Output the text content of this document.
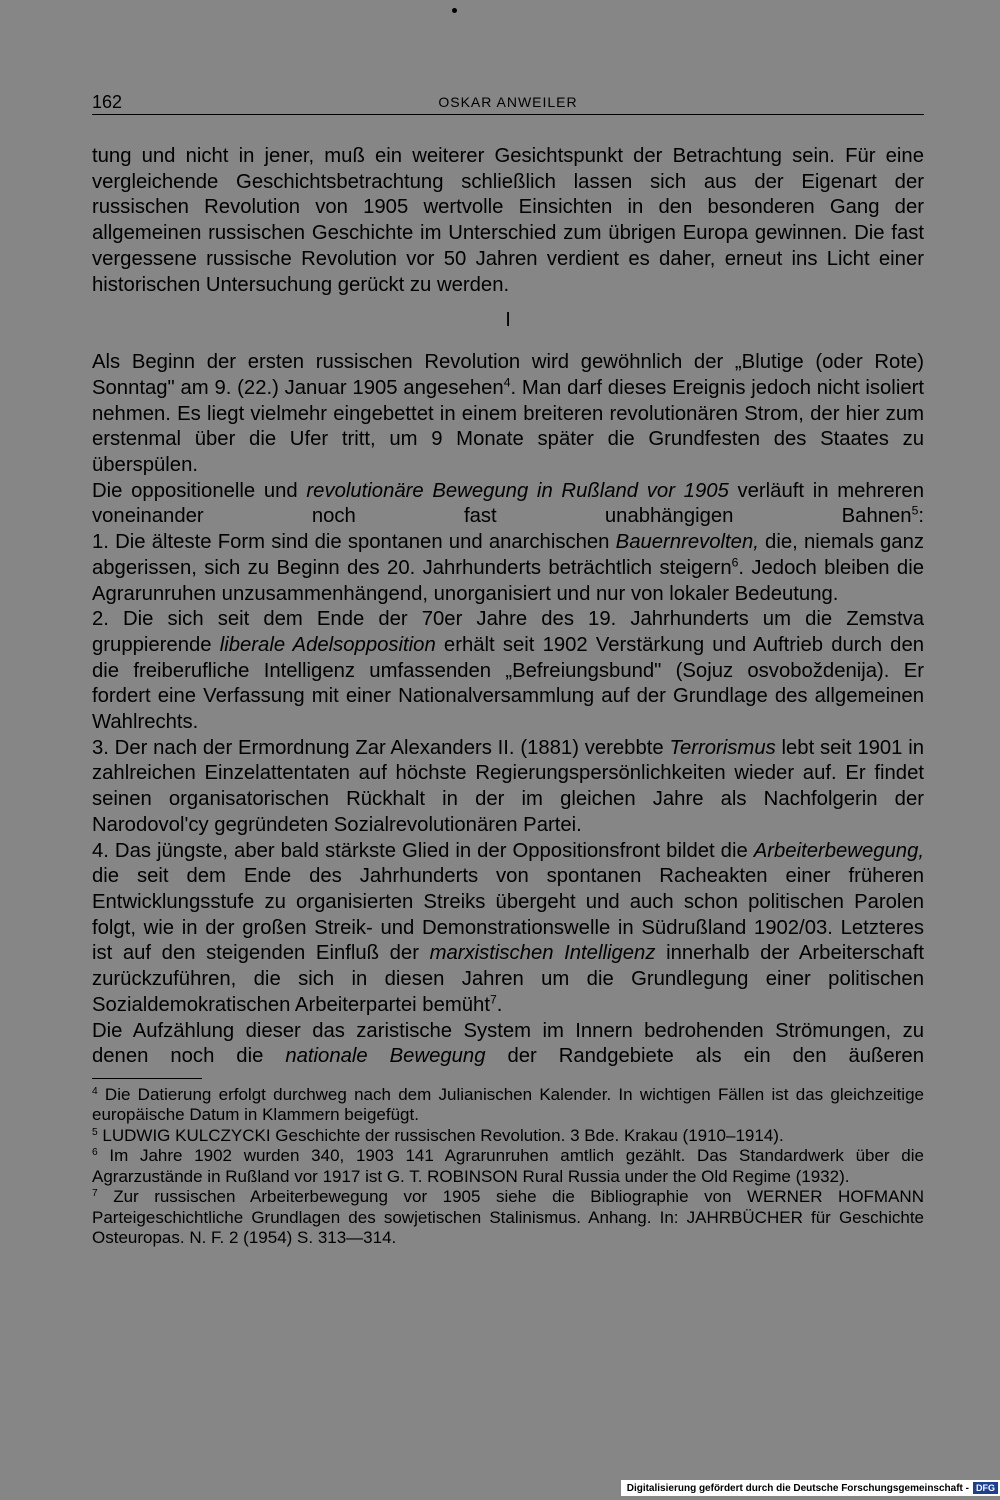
162	OSKAR ANWEILER

tung und nicht in jener, muß ein weiterer Gesichtspunkt der Betrachtung sein. Für eine vergleichende Geschichtsbetrachtung schließlich lassen sich aus der Eigenart der russischen Revolution von 1905 wertvolle Einsichten in den besonderen Gang der allgemeinen russischen Geschichte im Unterschied zum übrigen Europa gewinnen. Die fast vergessene russische Revolution vor 50 Jahren verdient es daher, erneut ins Licht einer historischen Untersuchung gerückt zu werden.

I

Als Beginn der ersten russischen Revolution wird gewöhnlich der „Blutige (oder Rote) Sonntag" am 9. (22.) Januar 1905 angesehen$^4$. Man darf dieses Ereignis jedoch nicht isoliert nehmen. Es liegt vielmehr eingebettet in einem breiteren revolutionären Strom, der hier zum erstenmal über die Ufer tritt, um 9 Monate später die Grundfesten des Staates zu überspülen.

Die oppositionelle und revolutionäre Bewegung in Rußland vor 1905 verläuft in mehreren voneinander noch fast unabhängigen Bahnen$^5$:

1. Die älteste Form sind die spontanen und anarchischen Bauernrevolten, die, niemals ganz abgerissen, sich zu Beginn des 20. Jahrhunderts beträchtlich steigern$^6$. Jedoch bleiben die Agrarunruhen unzusammenhängend, unorganisiert und nur von lokaler Bedeutung.

2. Die sich seit dem Ende der 70er Jahre des 19. Jahrhunderts um die Zemstva gruppierende liberale Adelsopposition erhält seit 1902 Verstärkung und Auftrieb durch den die freiberufliche Intelligenz umfassenden „Befreiungsbund" (Sojuz osvoboždenija). Er fordert eine Verfassung mit einer Nationalversammlung auf der Grundlage des allgemeinen Wahlrechts.

3. Der nach der Ermordnung Zar Alexanders II. (1881) verebbte Terrorismus lebt seit 1901 in zahlreichen Einzelattentaten auf höchste Regierungspersönlichkeiten wieder auf. Er findet seinen organisatorischen Rückhalt in der im gleichen Jahre als Nachfolgerin der Narodovol'cy gegründeten Sozialrevolutionären Partei.

4. Das jüngste, aber bald stärkste Glied in der Oppositionsfront bildet die Arbeiterbewegung, die seit dem Ende des Jahrhunderts von spontanen Racheakten einer früheren Entwicklungsstufe zu organisierten Streiks übergeht und auch schon politischen Parolen folgt, wie in der großen Streik- und Demonstrationswelle in Südrußland 1902/03. Letzteres ist auf den steigenden Einfluß der marxistischen Intelligenz innerhalb der Arbeiterschaft zurückzuführen, die sich in diesen Jahren um die Grundlegung einer politischen Sozialdemokratischen Arbeiterpartei bemüht$^7$.

Die Aufzählung dieser das zaristische System im Innern bedrohenden Strömungen, zu denen noch die nationale Bewegung der Randgebiete als ein den äußeren

$^4$ Die Datierung erfolgt durchweg nach dem Julianischen Kalender. In wichtigen Fällen ist das gleichzeitige europäische Datum in Klammern beigefügt.

$^5$ LUDWIG KULCZYCKI Geschichte der russischen Revolution. 3 Bde. Krakau (1910–1914).

$^6$ Im Jahre 1902 wurden 340, 1903 141 Agrarunruhen amtlich gezählt. Das Standardwerk über die Agrarzustände in Rußland vor 1917 ist G. T. ROBINSON Rural Russia under the Old Regime (1932).

$^7$ Zur russischen Arbeiterbewegung vor 1905 siehe die Bibliographie von WERNER HOFMANN Parteigeschichtliche Grundlagen des sowjetischen Stalinismus. Anhang. In: JAHRBÜCHER für Geschichte Osteuropas. N. F. 2 (1954) S. 313—314.

Digitalisierung gefördert durch die Deutsche Forschungsgemeinschaft - DFG
